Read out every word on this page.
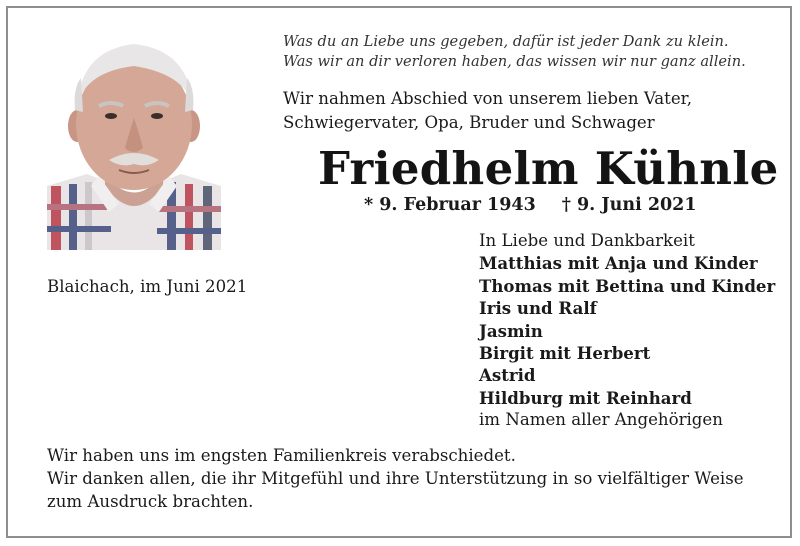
Was du an Liebe uns gegeben, dafür ist jeder Dank zu klein.
Was wir an dir verloren haben, das wissen wir nur ganz allein.
Wir nahmen Abschied von unserem lieben Vater,
Schwiegervater, Opa, Bruder und Schwager
Friedhelm Kühnle
* 9. Februar 1943 † 9. Juni 2021
Blaichach, im Juni 2021
In Liebe und Dankbarkeit
Matthias mit Anja und Kinder
Thomas mit Bettina und Kinder
Iris und Ralf
Jasmin
Birgit mit Herbert
Astrid
Hildburg mit Reinhard
im Namen aller Angehörigen
Wir haben uns im engsten Familienkreis verabschiedet.
Wir danken allen, die ihr Mitgefühl und ihre Unterstützung in so vielfältiger Weise
zum Ausdruck brachten.
